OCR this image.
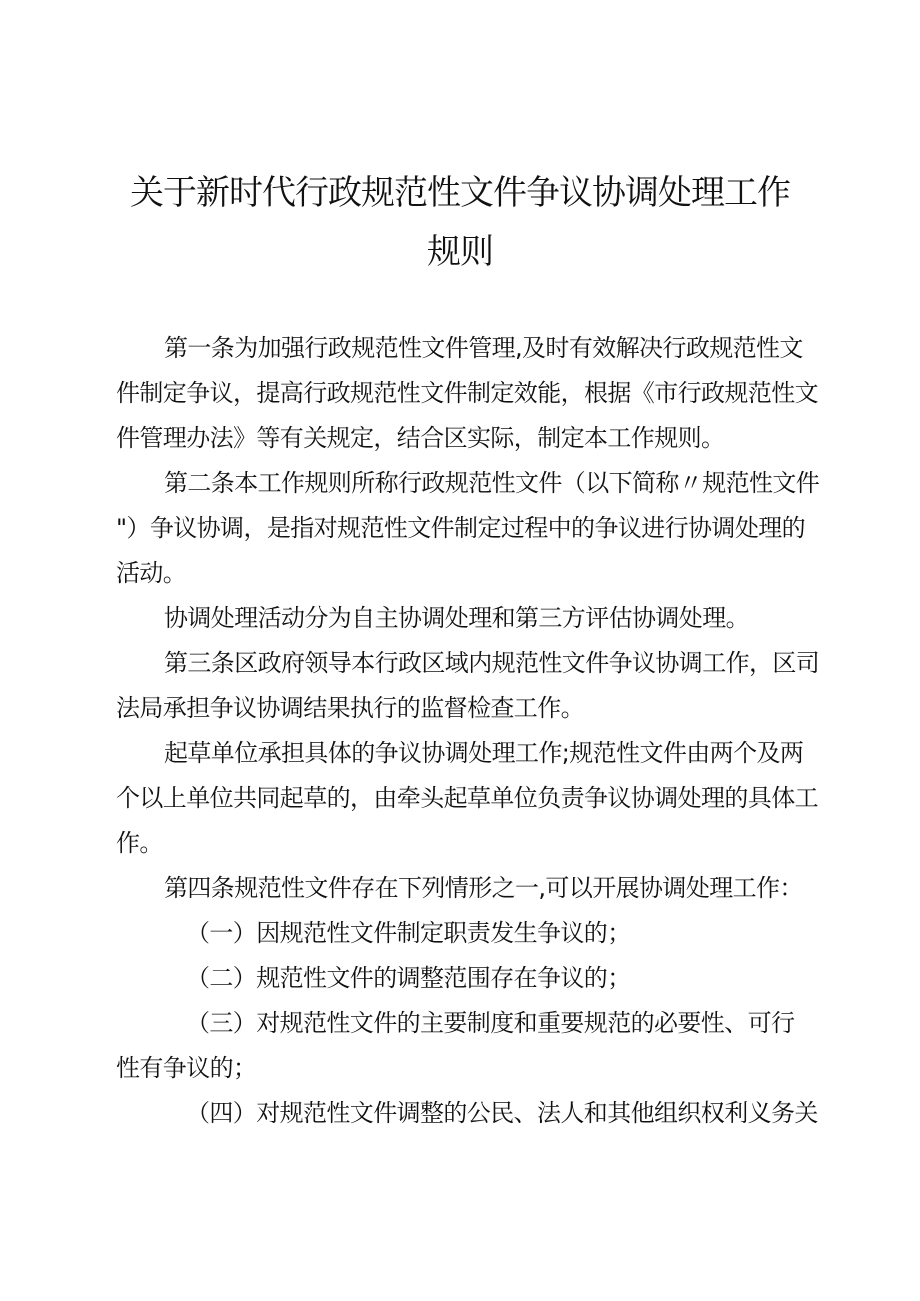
关于新时代行政规范性文件争议协调处理工作
规则
第一条为加强行政规范性文件管理,及时有效解决行政规范性文
件制定争议，提高行政规范性文件制定效能，根据《市行政规范性文
件管理办法》等有关规定，结合区实际，制定本工作规则。
第二条本工作规则所称行政规范性文件（以下简称〃规范性文件
"）争议协调，是指对规范性文件制定过程中的争议进行协调处理的
活动。
协调处理活动分为自主协调处理和第三方评估协调处理。
第三条区政府领导本行政区域内规范性文件争议协调工作，区司
法局承担争议协调结果执行的监督检查工作。
起草单位承担具体的争议协调处理工作;规范性文件由两个及两
个以上单位共同起草的，由牵头起草单位负责争议协调处理的具体工
作。
第四条规范性文件存在下列情形之一,可以开展协调处理工作：
（一）因规范性文件制定职责发生争议的；
（二）规范性文件的调整范围存在争议的；
（三）对规范性文件的主要制度和重要规范的必要性、可行
性有争议的；
（四）对规范性文件调整的公民、法人和其他组织权利义务关
